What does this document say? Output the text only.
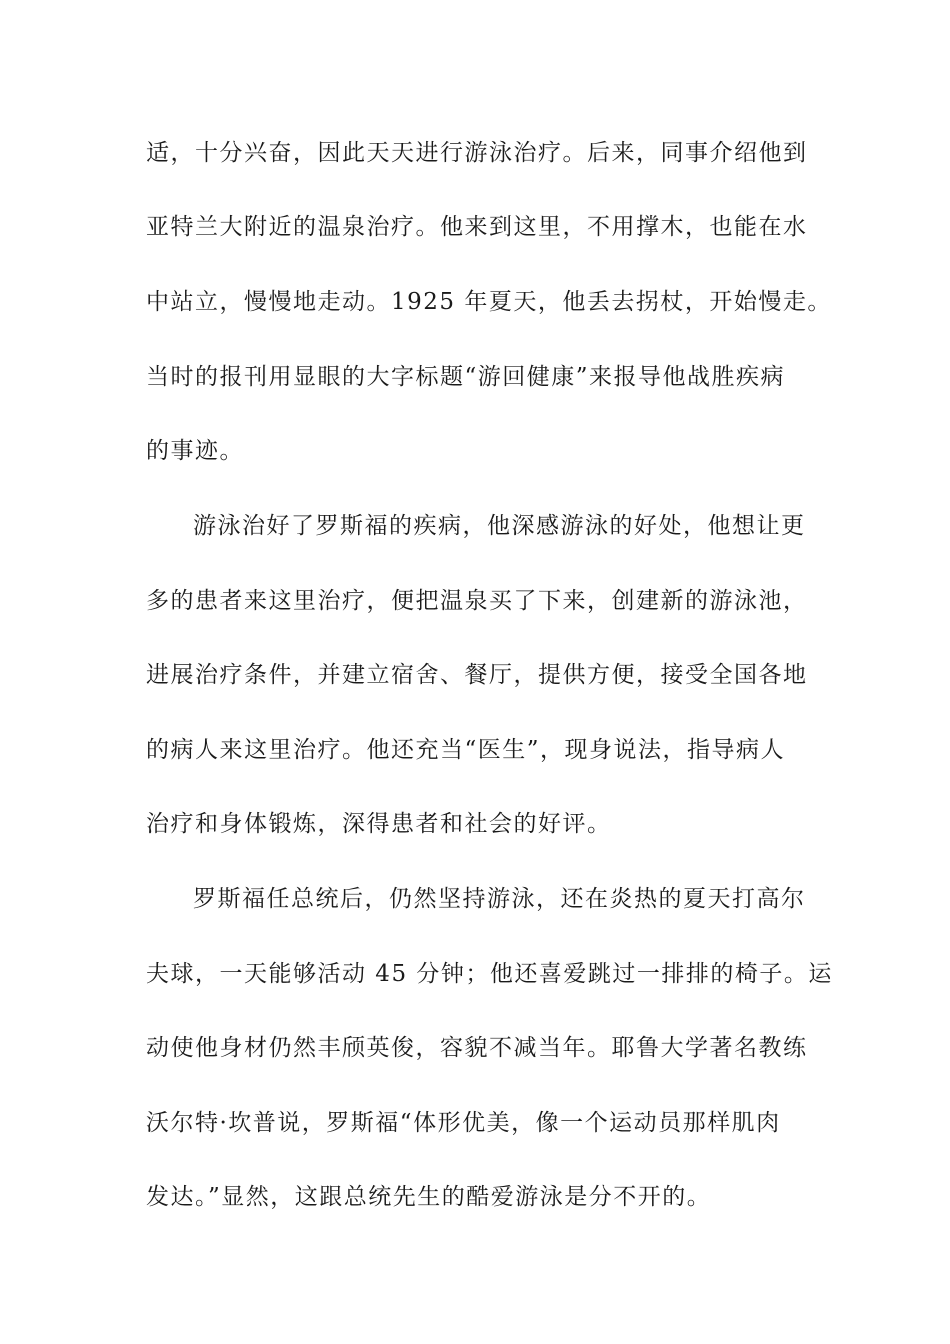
适，十分兴奋，因此天天进行游泳治疗。后来，同事介绍他到
亚特兰大附近的温泉治疗。他来到这里，不用撑木，也能在水
中站立，慢慢地走动。1925 年夏天，他丢去拐杖，开始慢走。
当时的报刊用显眼的大字标题“游回健康”来报导他战胜疾病
的事迹。
游泳治好了罗斯福的疾病，他深感游泳的好处，他想让更
多的患者来这里治疗，便把温泉买了下来，创建新的游泳池，
进展治疗条件，并建立宿舍、餐厅，提供方便，接受全国各地
的病人来这里治疗。他还充当“医生”，现身说法，指导病人
治疗和身体锻炼，深得患者和社会的好评。
罗斯福任总统后，仍然坚持游泳，还在炎热的夏天打高尔
夫球，一天能够活动 45 分钟；他还喜爱跳过一排排的椅子。运
动使他身材仍然丰颀英俊，容貌不减当年。耶鲁大学著名教练
沃尔特·坎普说，罗斯福“体形优美，像一个运动员那样肌肉
发达。”显然，这跟总统先生的酷爱游泳是分不开的。
